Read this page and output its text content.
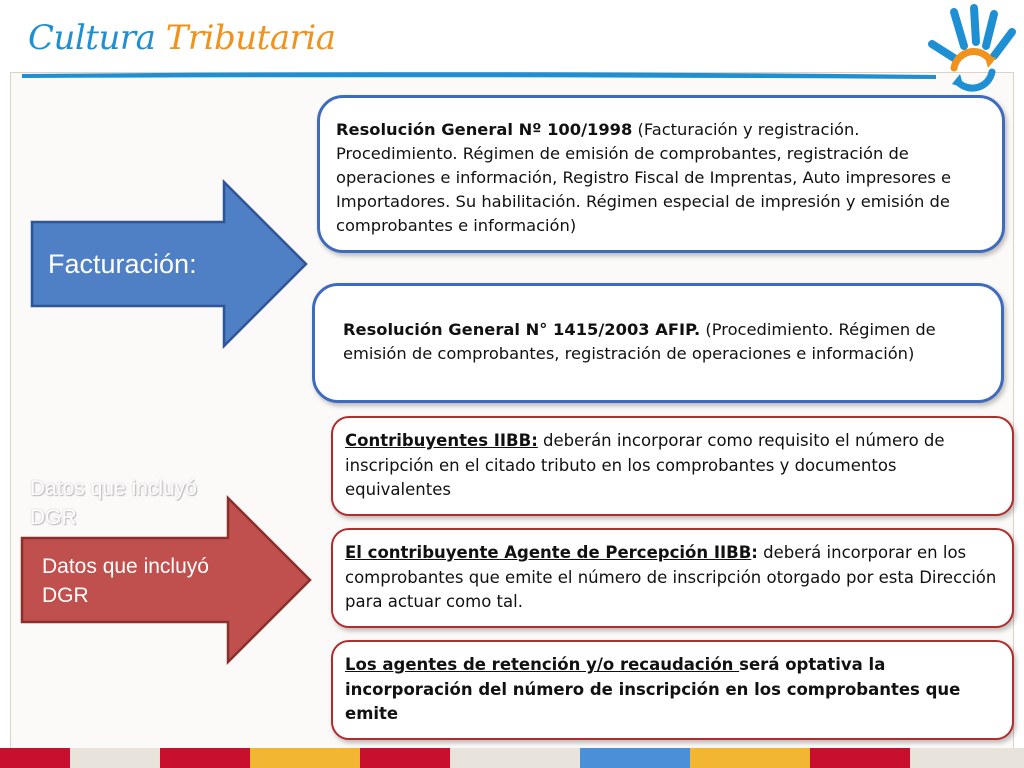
Cultura Tributaria
Facturación:

Resolución General Nº 100/1998 (Facturación y registración. Procedimiento. Régimen de emisión de comprobantes, registración de operaciones e información, Registro Fiscal de Imprentas, Auto impresores e Importadores. Su habilitación. Régimen especial de impresión y emisión de comprobantes e información)

Resolución General N° 1415/2003 AFIP. (Procedimiento. Régimen de emisión de comprobantes, registración de operaciones e información)

Datos que incluyó DGR
Datos que incluyó DGR

Contribuyentes IIBB: deberán incorporar como requisito el número de inscripción en el citado tributo en los comprobantes y documentos equivalentes

El contribuyente Agente de Percepción IIBB: deberá incorporar en los comprobantes que emite el número de inscripción otorgado por esta Dirección para actuar como tal.

Los agentes de retención y/o recaudación será optativa la incorporación del número de inscripción en los comprobantes que emite
